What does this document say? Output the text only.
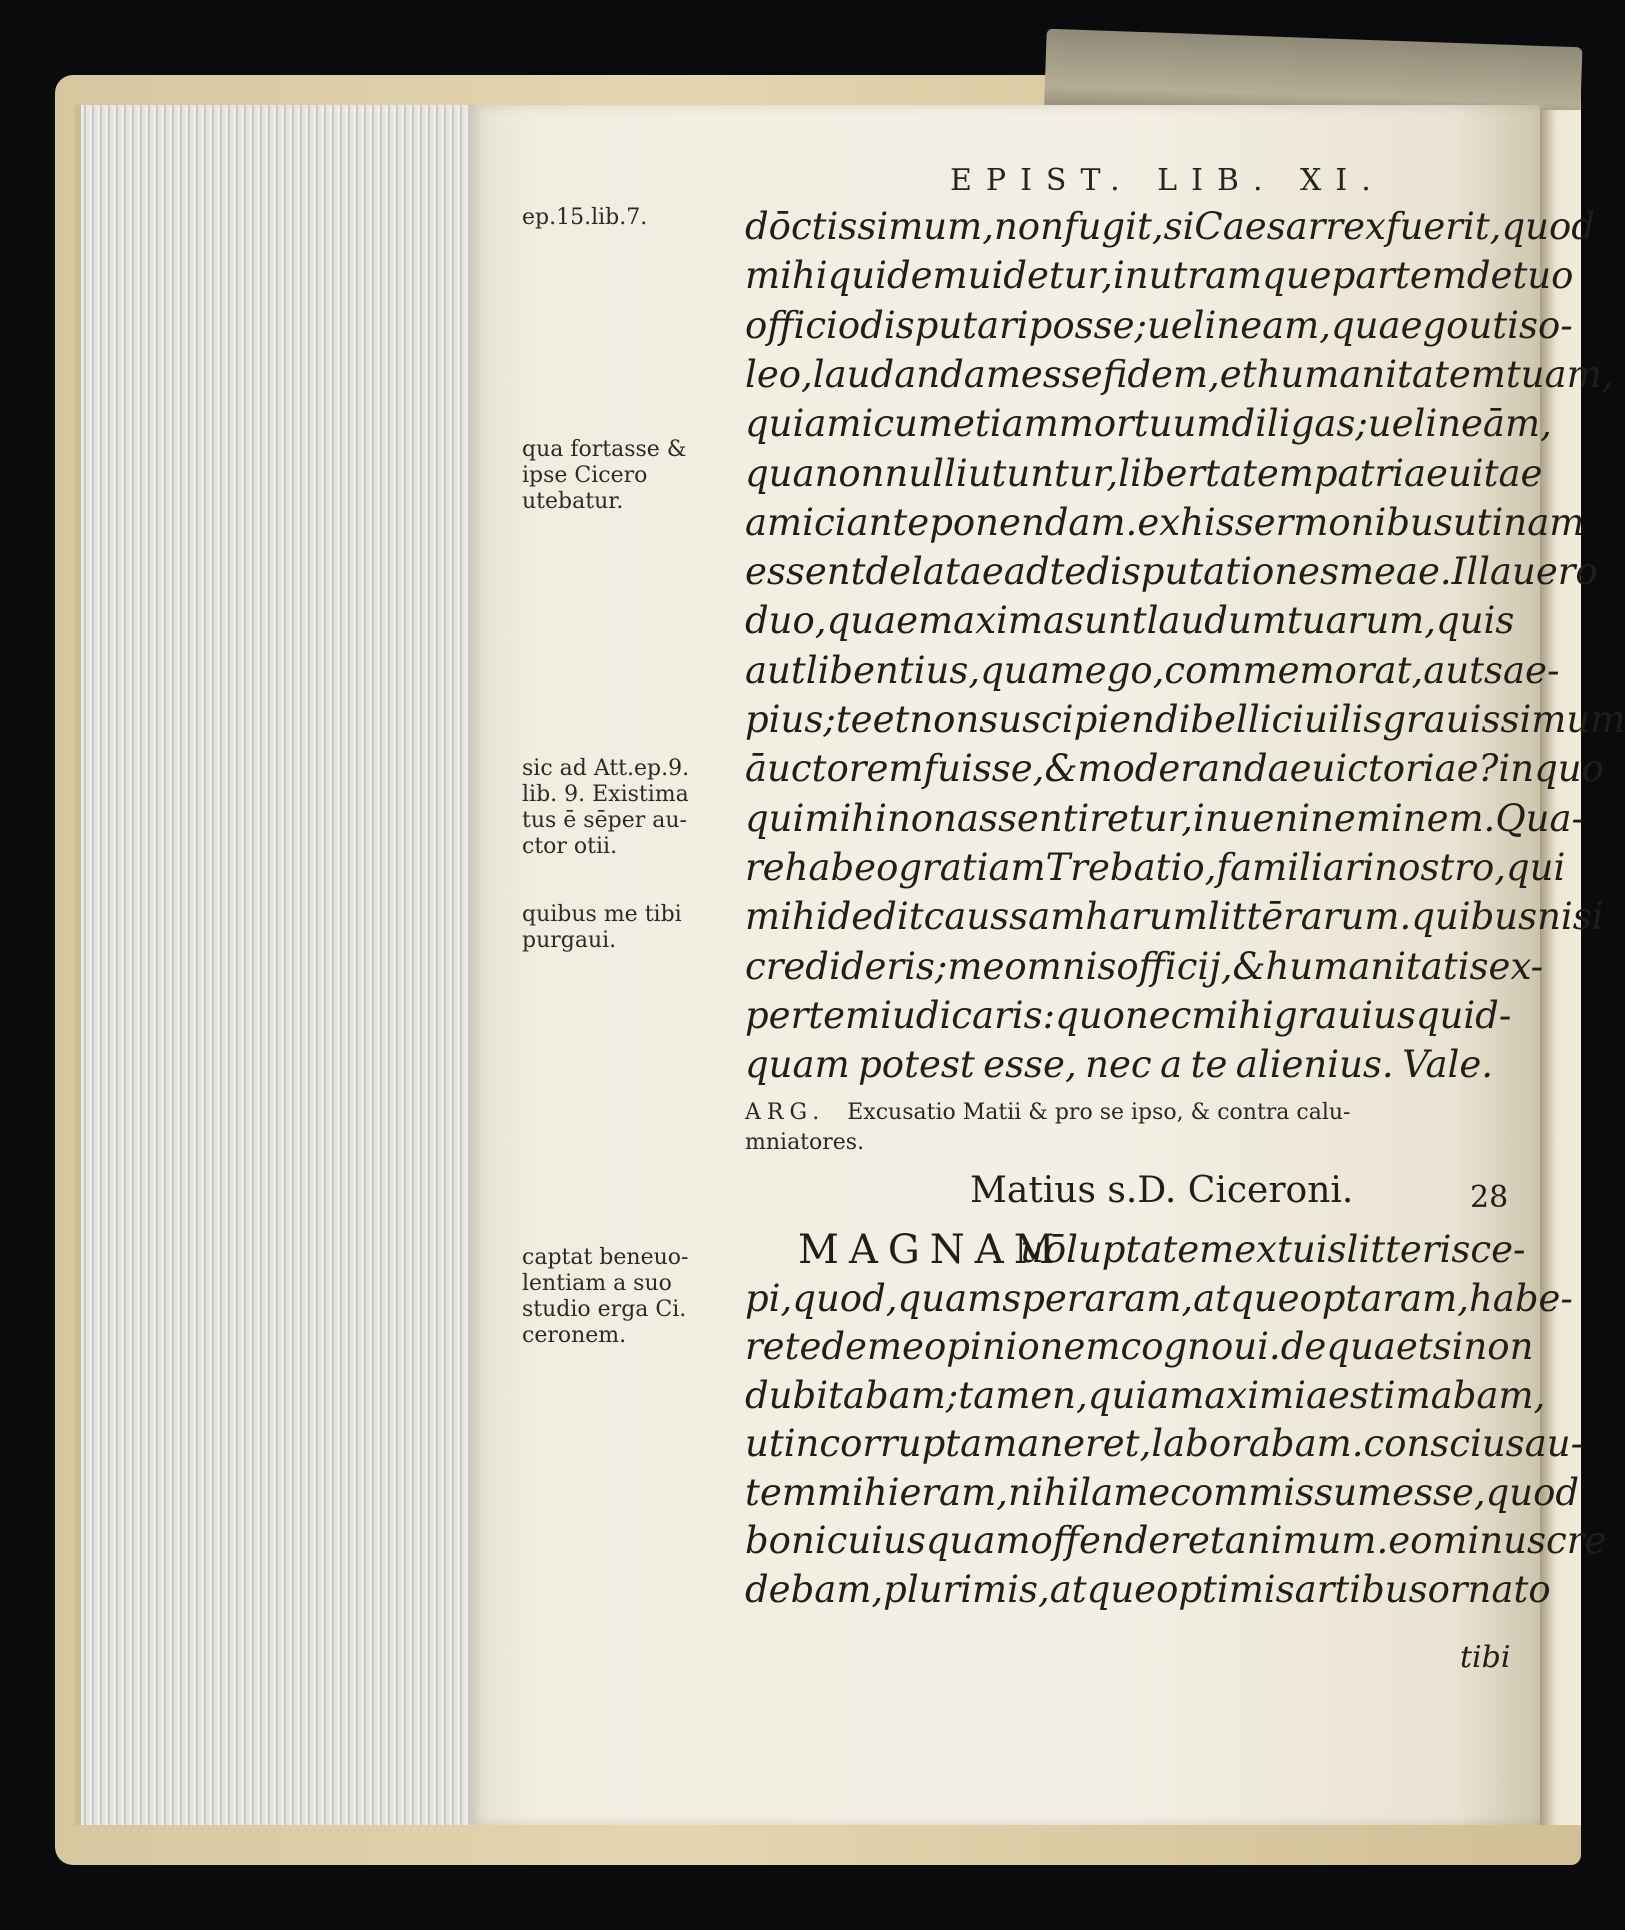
EPIST. LIB. XI.
ep.15.lib.7.
qua fortasse &
ipse Cicero
utebatur.
sic ad Att.ep.9.
lib. 9. Existima
tus ē sēper au-
ctor otii.
quibus me tibi
purgaui.
captat beneuo-
lentiam a suo
studio erga Ci.
ceronem.
dōctissimum, non fugit, si Caesar rex fuerit, quod
mihi quidem uidetur, in utramque partem de tuo
officio disputari posse; uel in eam, qua ego uti so-
leo, laudandam esse fidem, et humanitatem tuam,
qui amicum etiam mortuum diligas; uel in eām,
qua non nulli utuntur, libertatem patriae uitae
amici anteponendam. ex his sermonibus utinam
essent delatae ad te disputationes meae. Illa uero
duo, quae maxima sunt laudum tuarum, quis
aut libentius, quam ego, commemorat, aut sae-
pius; te et non suscipiendi belli ciuilis grauissimum
āuctorem fuisse, & moderandae uictoriae? in quo
qui mihi non assentiretur, inueni neminem. Qua-
re habeo gratiam Trebatio, familiari nostro, qui
mihi dedit caussam harum littērarum. quibus nisi
credideris; me omnis officij, & humanitatis ex-
pertem iudicaris: quo nec mihi grauius quid-
quam potest esse, nec a te alienius. Vale.
ARG. Excusatio Matii & pro se ipso, & contra calu-
mniatores.
Matius s.D. Ciceroni.	28
MAGNAM
uōluptatem ex tuis litteris ce-
pi, quod, quam speraram, atque optaram, habe-
re te de me opinionem cognoui. de qua etsi non
dubitabam; tamen, quia maximi aestimabam,
ut incorrupta maneret, laborabam. conscius au-
tem mihi eram, nihil a me commissum esse, quod
boni cuiusquam offenderet animum. eo minus cre
debam, plurimis, atque optimis artibus ornato
tibi
